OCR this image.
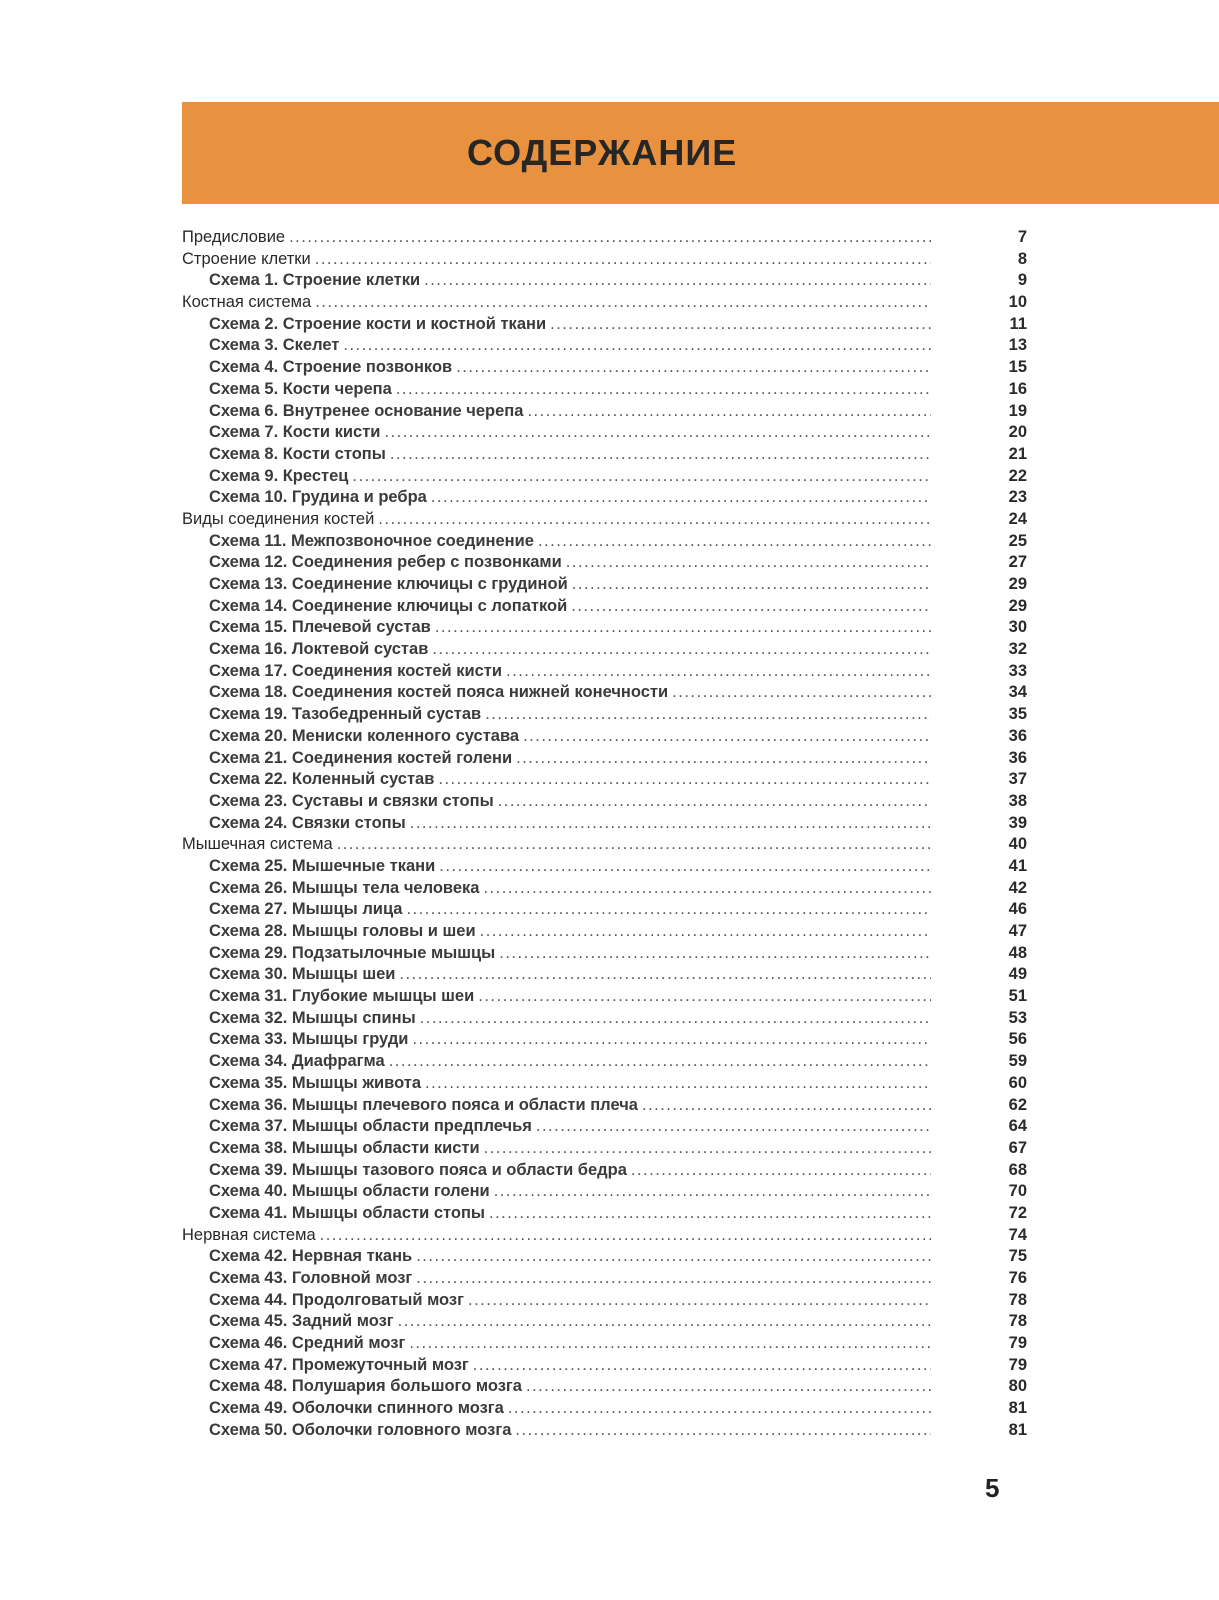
СОДЕРЖАНИЕ
Предисловие .....	7
Строение клетки .....	8
Схема 1. Строение клетки .....	9
Костная система .....	10
Схема 2. Строение кости и костной ткани .....	11
Схема 3. Скелет .....	13
Схема 4. Строение позвонков .....	15
Схема 5. Кости черепа .....	16
Схема 6. Внутренее основание черепа .....	19
Схема 7. Кости кисти .....	20
Схема 8. Кости стопы .....	21
Схема 9. Крестец .....	22
Схема 10. Грудина и ребра .....	23
Виды соединения костей .....	24
Схема 11. Межпозвоночное соединение .....	25
Схема 12. Соединения ребер с позвонками .....	27
Схема 13. Соединение ключицы с грудиной .....	29
Схема 14. Соединение ключицы с лопаткой .....	29
Схема 15. Плечевой сустав .....	30
Схема 16. Локтевой сустав .....	32
Схема 17. Соединения костей кисти .....	33
Схема 18. Соединения костей пояса нижней конечности .....	34
Схема 19. Тазобедренный сустав .....	35
Схема 20. Мениски коленного сустава .....	36
Схема 21. Соединения костей голени .....	36
Схема 22. Коленный сустав .....	37
Схема 23. Суставы и связки стопы .....	38
Схема 24. Связки стопы .....	39
Мышечная система .....	40
Схема 25. Мышечные ткани .....	41
Схема 26. Мышцы тела человека .....	42
Схема 27. Мышцы лица .....	46
Схема 28. Мышцы головы и шеи .....	47
Схема 29. Подзатылочные мышцы .....	48
Схема 30. Мышцы шеи .....	49
Схема 31. Глубокие мышцы шеи .....	51
Схема 32. Мышцы спины .....	53
Схема 33. Мышцы груди .....	56
Схема 34. Диафрагма .....	59
Схема 35. Мышцы живота .....	60
Схема 36. Мышцы плечевого пояса и области плеча .....	62
Схема 37. Мышцы области предплечья .....	64
Схема 38. Мышцы области кисти .....	67
Схема 39. Мышцы тазового пояса и области бедра .....	68
Схема 40. Мышцы области голени .....	70
Схема 41. Мышцы области стопы .....	72
Нервная система .....	74
Схема 42. Нервная ткань .....	75
Схема 43. Головной мозг .....	76
Схема 44. Продолговатый мозг .....	78
Схема 45. Задний мозг .....	78
Схема 46. Средний мозг .....	79
Схема 47. Промежуточный мозг .....	79
Схема 48. Полушария большого мозга .....	80
Схема 49. Оболочки спинного мозга .....	81
Схема 50. Оболочки головного мозга .....	81
5
